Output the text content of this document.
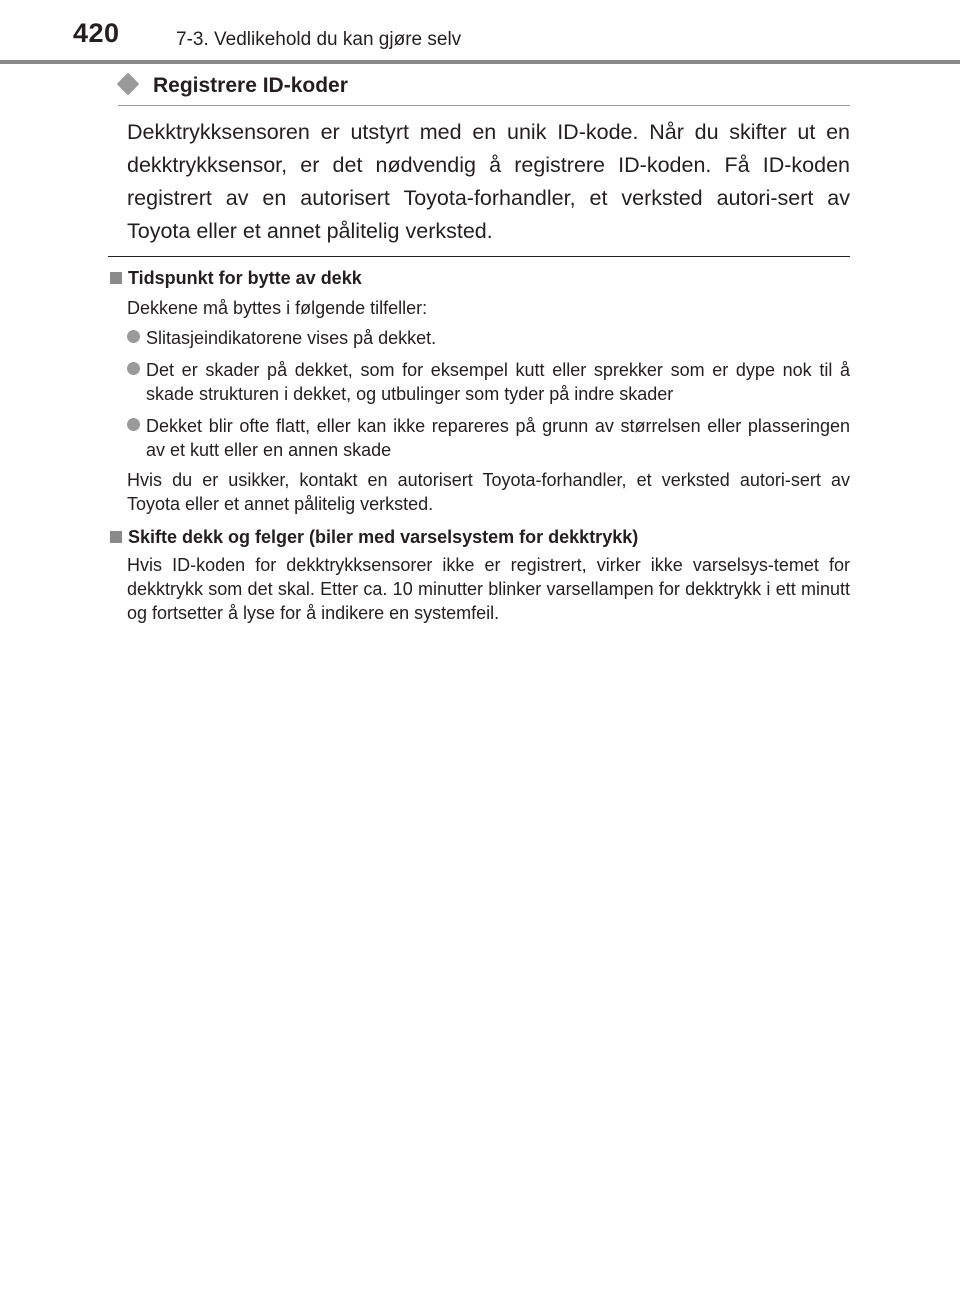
420	7-3. Vedlikehold du kan gjøre selv
Registrere ID-koder
Dekktrykksensoren er utstyrt med en unik ID-kode. Når du skifter ut en dekktrykksensor, er det nødvendig å registrere ID-koden. Få ID-koden registrert av en autorisert Toyota-forhandler, et verksted autori-sert av Toyota eller et annet pålitelig verksted.
Tidspunkt for bytte av dekk
Dekkene må byttes i følgende tilfeller:
Slitasjeindikatorene vises på dekket.
Det er skader på dekket, som for eksempel kutt eller sprekker som er dype nok til å skade strukturen i dekket, og utbulinger som tyder på indre skader
Dekket blir ofte flatt, eller kan ikke repareres på grunn av størrelsen eller plasseringen av et kutt eller en annen skade
Hvis du er usikker, kontakt en autorisert Toyota-forhandler, et verksted autori-sert av Toyota eller et annet pålitelig verksted.
Skifte dekk og felger (biler med varselsystem for dekktrykk)
Hvis ID-koden for dekktrykksensorer ikke er registrert, virker ikke varselsys-temet for dekktrykk som det skal. Etter ca. 10 minutter blinker varsellampen for dekktrykk i ett minutt og fortsetter å lyse for å indikere en systemfeil.
